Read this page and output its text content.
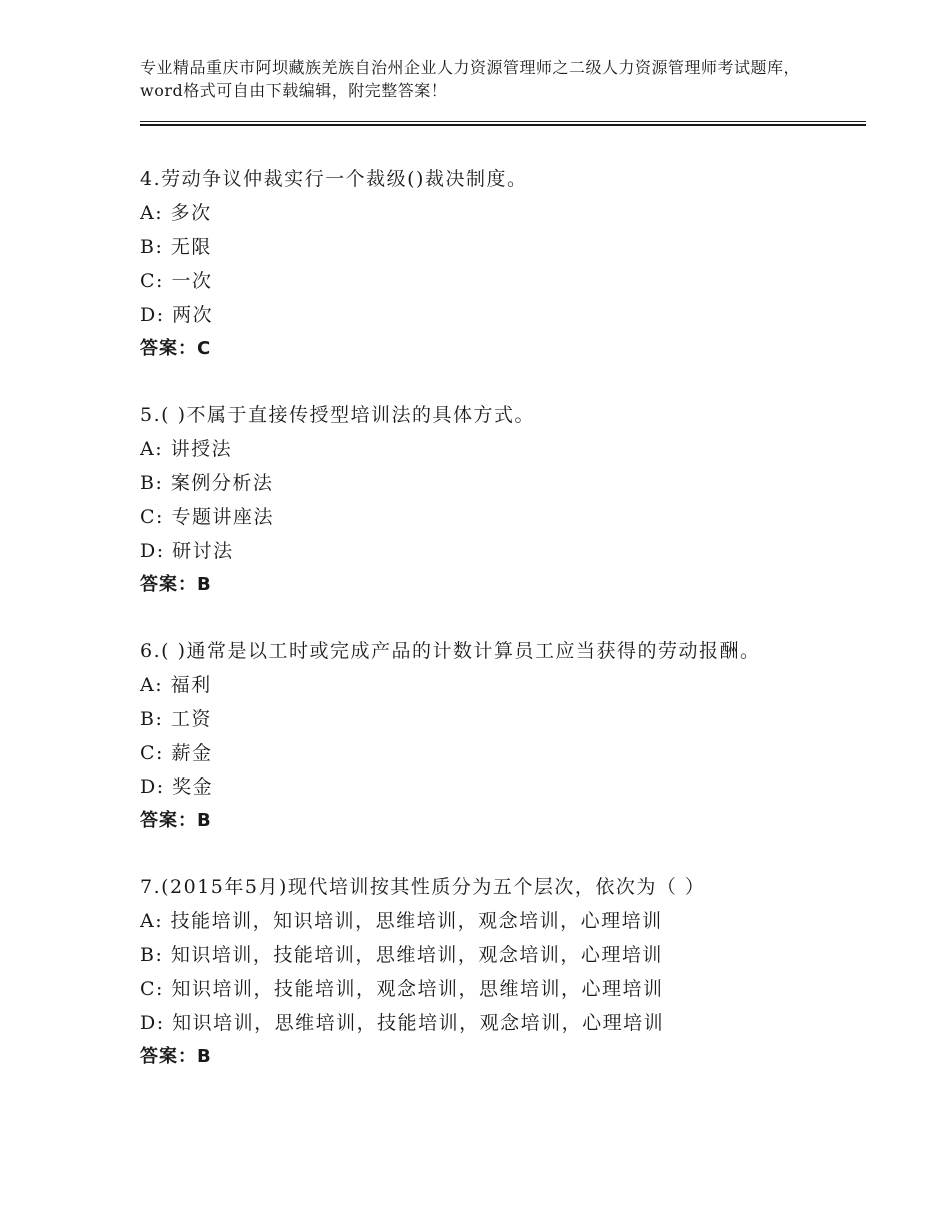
专业精品重庆市阿坝藏族羌族自治州企业人力资源管理师之二级人力资源管理师考试题库，word格式可自由下载编辑，附完整答案！
4.劳动争议仲裁实行一个裁级()裁决制度。
A: 多次
B: 无限
C: 一次
D: 两次
答案：C
5.( )不属于直接传授型培训法的具体方式。
A: 讲授法
B: 案例分析法
C: 专题讲座法
D: 研讨法
答案：B
6.( )通常是以工时或完成产品的计数计算员工应当获得的劳动报酬。
A: 福利
B: 工资
C: 薪金
D: 奖金
答案：B
7.(2015年5月)现代培训按其性质分为五个层次，依次为（ ）
A: 技能培训，知识培训，思维培训，观念培训，心理培训
B: 知识培训，技能培训，思维培训，观念培训，心理培训
C: 知识培训，技能培训，观念培训，思维培训，心理培训
D: 知识培训，思维培训，技能培训，观念培训，心理培训
答案：B
